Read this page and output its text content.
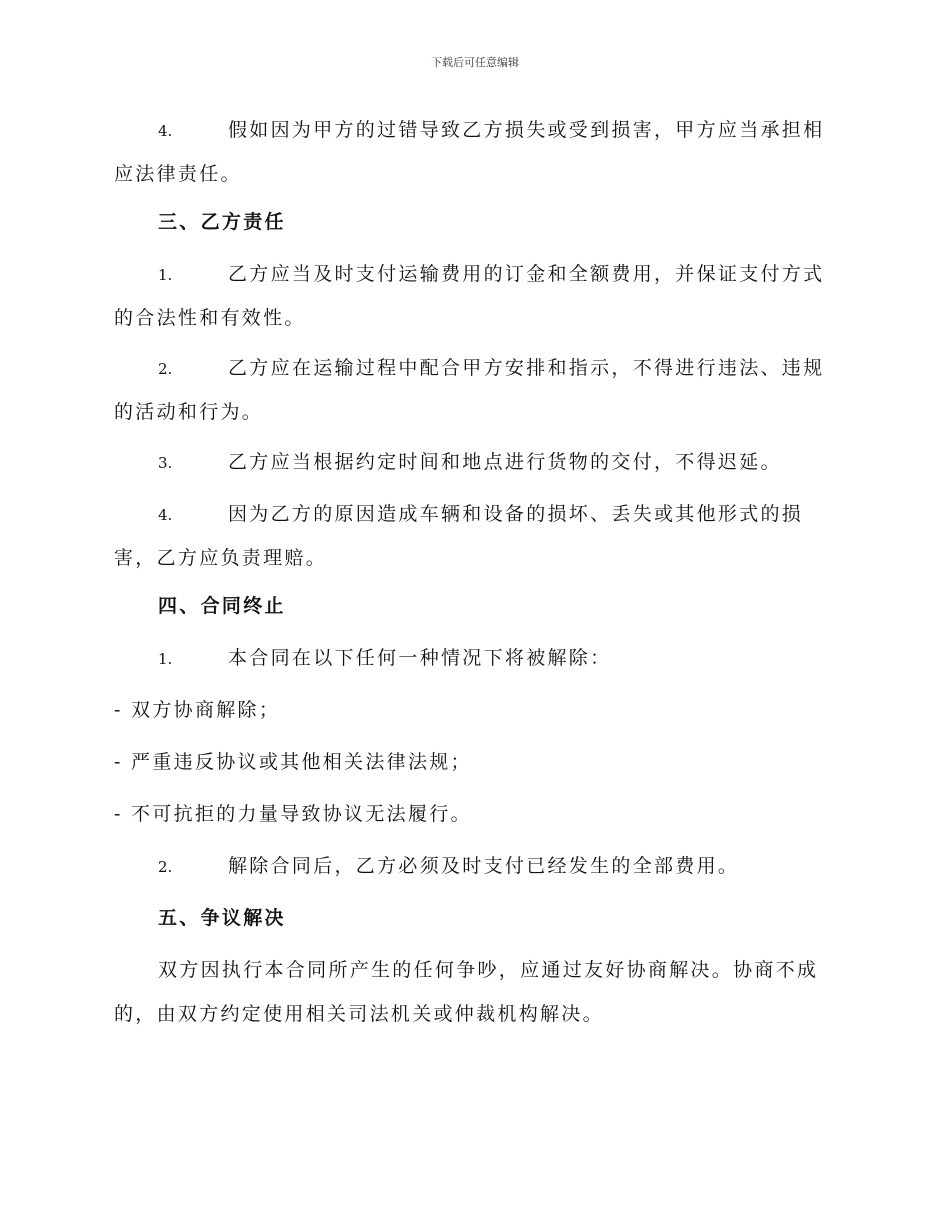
下载后可任意编辑
4.	假如因为甲方的过错导致乙方损失或受到损害，甲方应当承担相
应法律责任。
三、乙方责任
1.	乙方应当及时支付运输费用的订金和全额费用，并保证支付方式
的合法性和有效性。
2.	乙方应在运输过程中配合甲方安排和指示，不得进行违法、违规
的活动和行为。
3.	乙方应当根据约定时间和地点进行货物的交付，不得迟延。
4.	因为乙方的原因造成车辆和设备的损坏、丢失或其他形式的损
害，乙方应负责理赔。
四、合同终止
1.	本合同在以下任何一种情况下将被解除：
- 双方协商解除；
- 严重违反协议或其他相关法律法规；
- 不可抗拒的力量导致协议无法履行。
2.	解除合同后，乙方必须及时支付已经发生的全部费用。
五、争议解决
双方因执行本合同所产生的任何争吵，应通过友好协商解决。协商不成
的，由双方约定使用相关司法机关或仲裁机构解决。
